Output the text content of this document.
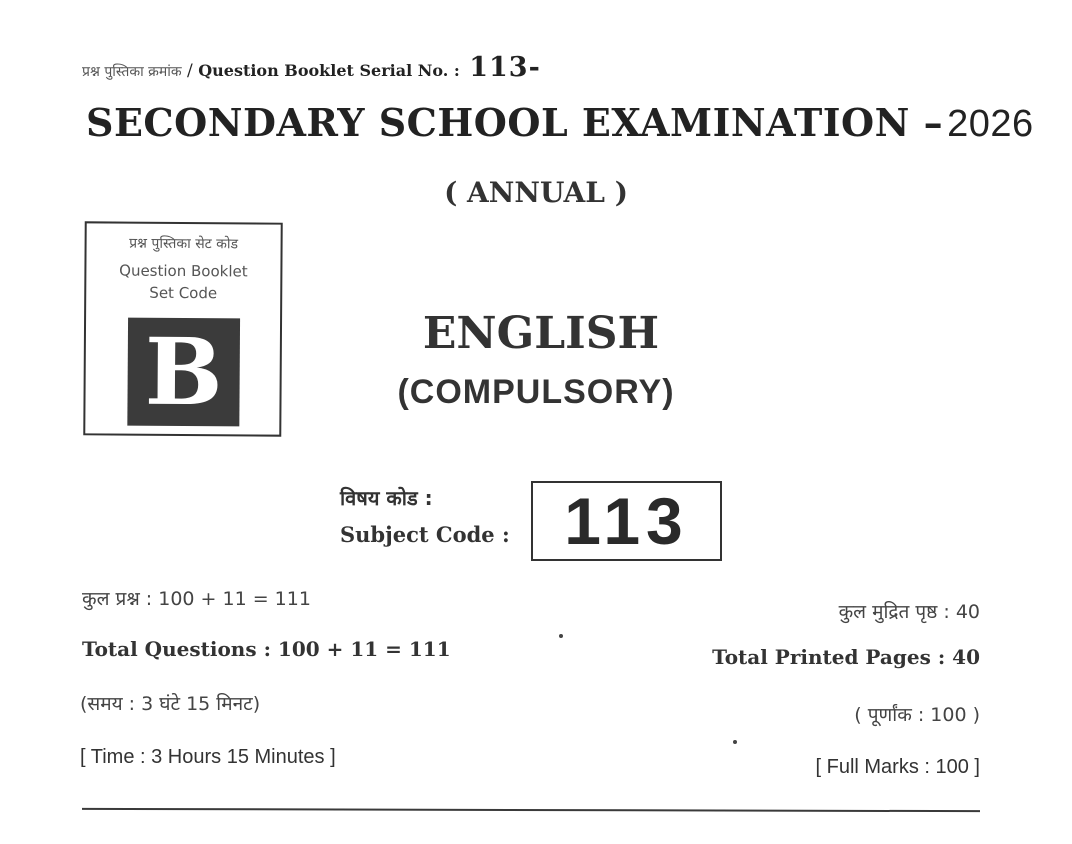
प्रश्न पुस्तिका क्रमांक / Question Booklet Serial No. : 113-
SECONDARY SCHOOL EXAMINATION – 2026
( ANNUAL )
प्रश्न पुस्तिका सेट कोड
Question Booklet
Set Code
B	ENGLISH
(COMPULSORY)
विषय कोड :
Subject Code : 113
कुल प्रश्न : 100 + 11 = 111
Total Questions : 100 + 11 = 111
(समय : 3 घंटे 15 मिनट)
[ Time : 3 Hours 15 Minutes ]
कुल मुद्रित पृष्ठ : 40
Total Printed Pages : 40
( पूर्णांक : 100 )
[ Full Marks : 100 ]
